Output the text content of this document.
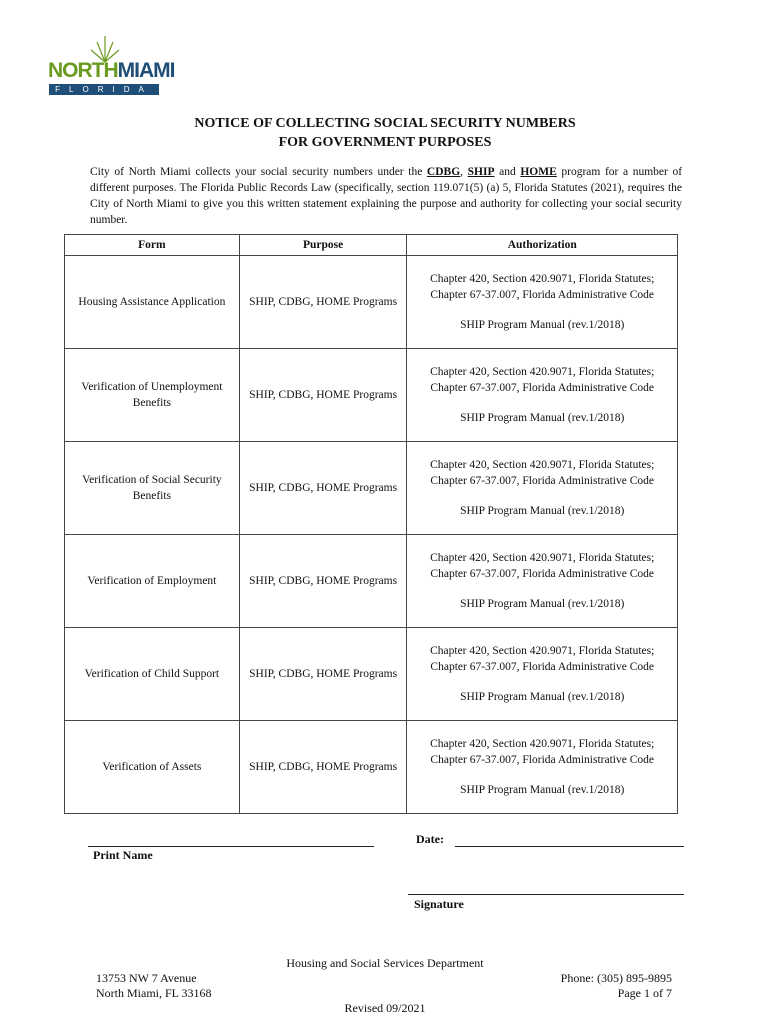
NORTHMIAMI
FLORIDA
NOTICE OF COLLECTING SOCIAL SECURITY NUMBERS
FOR GOVERNMENT PURPOSES
City of North Miami collects your social security numbers under the CDBG, SHIP and HOME program for a number of different purposes. The Florida Public Records Law (specifically, section 119.071(5) (a) 5, Florida Statutes (2021), requires the City of North Miami to give you this written statement explaining the purpose and authority for collecting your social security number.
Form	Purpose	Authorization
Housing Assistance Application	SHIP, CDBG, HOME Programs	Chapter 420, Section 420.9071, Florida Statutes; Chapter 67-37.007, Florida Administrative Code
SHIP Program Manual (rev.1/2018)

Verification of Unemployment Benefits	SHIP, CDBG, HOME Programs	Chapter 420, Section 420.9071, Florida Statutes; Chapter 67-37.007, Florida Administrative Code
SHIP Program Manual (rev.1/2018)

Verification of Social Security Benefits	SHIP, CDBG, HOME Programs	Chapter 420, Section 420.9071, Florida Statutes; Chapter 67-37.007, Florida Administrative Code
SHIP Program Manual (rev.1/2018)

Verification of Employment	SHIP, CDBG, HOME Programs	Chapter 420, Section 420.9071, Florida Statutes; Chapter 67-37.007, Florida Administrative Code
SHIP Program Manual (rev.1/2018)

Verification of Child Support	SHIP, CDBG, HOME Programs	Chapter 420, Section 420.9071, Florida Statutes; Chapter 67-37.007, Florida Administrative Code
SHIP Program Manual (rev.1/2018)

Verification of Assets	SHIP, CDBG, HOME Programs	Chapter 420, Section 420.9071, Florida Statutes; Chapter 67-37.007, Florida Administrative Code
SHIP Program Manual (rev.1/2018)
Print Name
Date:
Signature
Housing and Social Services Department
13753 NW 7 Avenue
North Miami, FL 33168
Phone: (305) 895-9895
Page 1 of 7
Revised 09/2021
